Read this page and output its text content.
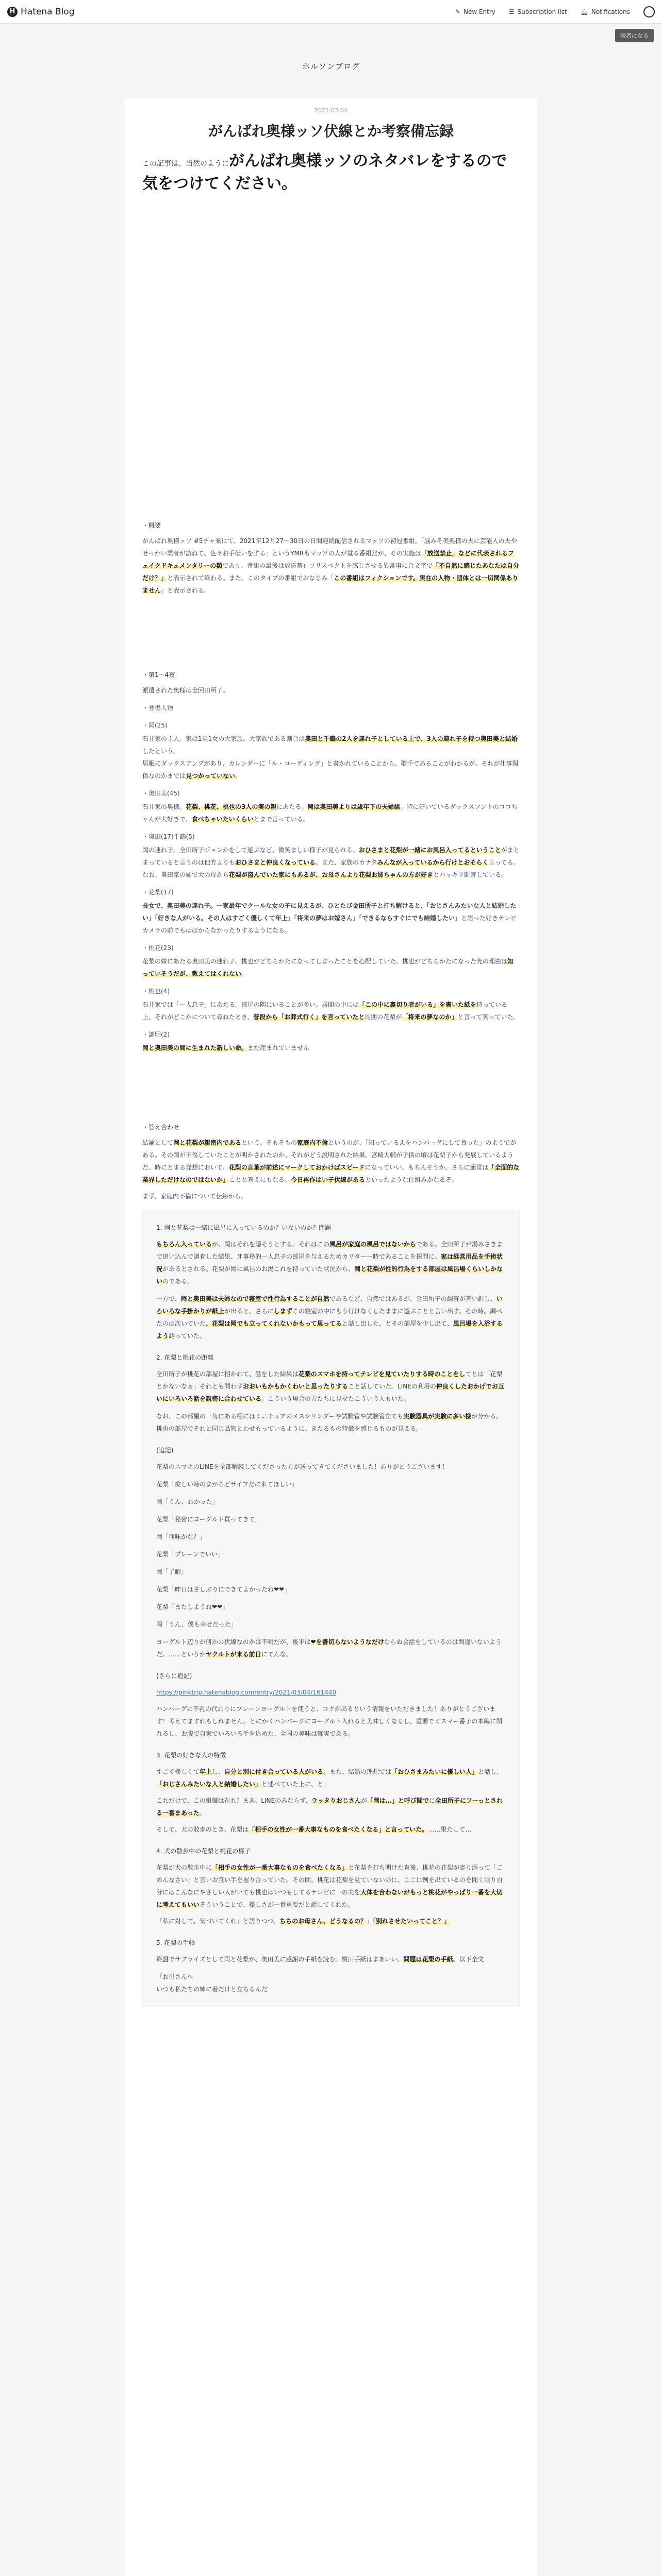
H Hatena Blog	✎ New Entry ☰ Subscription list 🔔︎ Notifications
読者になる
ホルソンブログ
2021-03-04
がんばれ奥様ッソ伏線とか考察備忘録
この記事は、当然のようにがんばれ奥様ッソのネタバレをするので気をつけてください。
・概要

がんばれ奥様ッソ #5チャ業にて、2021年12月27〜30日の日間連続配信されるマッソの初冠番組。「脳みそ美奥様の夫に芸能人の夫やせっかい業者が訪ねて、色々お手伝いをする」というYMRもマッソの人が覚る番組だが、その実施は「放送禁止」などに代表されるフェイクドキュメンタリーの類であり、番組の最後は放送禁止ソリスペクトを感じさせる異常事に合文字で「不自然に感じたあなたは自分だけ？」と表示されて終わる。また、このタイプの番組でおなじみ「この番組はフィクションです。実在の人物・団体とは一切関係ありません」と表示される。

・第1〜4夜
派遣された奥様は全回田所子。
・登場人物
・岡(25)
石井家の主人。家は1男1女の大家族。大家族である割合は奥田と千鶴の2人を連れ子としている上で、3人の連れ子を持つ奥田美と結婚したという。
居眠にダックスアンプがあり、カレンダーに「ル・コーディング」と書かれていることから、歌手であることがわかるが、それが仕事関係なのかまでは見つかっていない。
・奥田美(45)
石井家の奥様。花梨、桃花、桃也の3人の実の親にあたる。岡は奥田美よりは歳年下の夫婦組。特に好いているダックスフントのココちゃんが大好きで、食べちゃいたいくらいとまで言っている。
・奥田(17)千鶴(5)
岡の連れ子。全田所子ジョンかをして遊ぶなど、微笑ましい様子が見られる。おひさまと花梨が一緒にお風呂入ってるということがまとまっていると言うのは他方よりもおひさまと仲良くなっている。また、家族のカナタみんなが入っているから行けとおそらく言ってる。
なお、奥田家の姉で大の母から花梨が盗んでいた家にもあるが、お母さんより花梨お姉ちゃんの方が好きとハッキリ断言している。
・花梨(17)
長女で、奥田美の連れ子。一家最年でクールな女の子に見えるが、ひとたび金田所子と打ち解けると、「おじさんみたいな人と結婚したい」「好きな人がいる。その人はすごく優しくて年上」「将来の夢はお嫁さん」「できるならすぐにでも結婚したい」と語った好きテレビカメラの前でもはばからなかったりするようになる。
・桃花(23)
花梨の妹にあたる奥田美の連れ子。桃也がどちらかたになってしまったことを心配していた。桃也がどちらかたになった光の理由は知っていそうだが、教えてはくれない。
・桃也(4)
石井家では「一人息子」にあたる。部屋の隅にいることが多い。居間の中には「この中に裏切り者がいる」を書いた紙を持っている上、それがどこかについて尋ねたとき、普段から「お葬式行く」を言っていたと周囲の花梨が「将来の夢なのか」と言って笑っていた。
・謎明(2)
岡と奥田美の間に生まれた新しい命。まだ産まれていません
・答え合わせ
結論として岡と花梨が親密内であるという。そもそもの家庭内不倫というのが、「知っているえをハンバーグにして食った」のようでがある。その岡が不倫していたことが明かされたのか。それがどう説明された結果、宮崎大輔が子供の頃は花梨子から発展しているようだ。時にとまる発想において、花梨の言葉が前述にマークしておかけばスピードになっていい、もちんそうか、さらに通常は「全面的な業界しただけなのではないか」ことと答えにもなる。今日再作はい子伏線があるといったような仕組みかなるぞ。
まず、家庭内不倫について伝線から。
1. 岡と花梨は一緒に風呂に入っているのか？いないのか？問題
もちろん入っているが、岡はそれを隠そうとする。それはこの風呂が家庭の風呂ではないからである。全田所子が湯みさきまで追い込んで調査した結果、牙事務的一人息子の部屋を与えるためカリターー時であることを探問に。家は経営用品を手術状況があるとされる。花梨が岡に風呂のお湯これを持っていた状況から、岡と花梨が性的行為をする部屋は風呂場くらいしかないのである。
一方で、岡と奥田美は夫婦なので寝室で性行為することが自然であるなど、自然ではあるが、金田所子の調査が言い訳し、いろいろな手掛かりが紙上が出ると、さらにしまずこの寝室の中にもう行けなくしたままに遊ぶことと言い出す。その時、調べたのは次いでいた、花梨は岡でも立ってくれないかもって思ってると話し出した。とその部屋を少し出て、風呂場を入浴するよう誘っていた。
2. 花梨と桃花の距離
全田所子が桃花の部屋に招かれて、話をした結果は花梨のスマホを持ってテレビを見ていたりする時のことをしてとは「花梨とかないなぁ」それとも問わずおおいもかもかくわいと思ったりすること話していた。LINEの利用の仲良くしたおかげでお互いにいろいろ話を親密に合わせている。こういう場合の方たちに見せたこういう人もいた。
なお、この部屋の一角にある棚にはミニチュアのメスシリンダーや試験管や試験管立ても実験器具が実験に多い様が分かる。桃也の部屋でそれと同じ品物とわせもっているように、きたるもの特徴を感じるものが見える。
(追記)
花梨のスマホのLINEを全部解読してくださった方が送ってきてくださいました！ありがとうございます！
花梨「欲しい時のまがらどサイフだに来てほしい」
岡「うん、わかった」
花梨「秘密にヨーグルト買ってきて」
岡「何味かな？」
花梨「プレーンでいい」
岡「了解」
花梨「昨日はさしぶりにできてよかったね❤❤」
花梨「またしようね❤❤」
岡「うん、僕も幸せだった」
ヨーグルト辺りが何かの伏線なのかは不明だが、後半は❤を書切らないようなだけならぬ会話をしているのは間違いないようだ。……というかヤクルトが来る前日にてんな。
(さらに追記)
https://pinktrip.hatenablog.com/entry/2021/03/04/161440
ハンバーグに不乳の代わりにプレーンヨーグルトを使うと、コクが出るという情報をいただきました！ありがとうございます！考えてますれもしれません。とにかくハンバーグにヨーグルト入れると美味しくなるし、重要でミスマー番子の本編に関れるし、お腹で自家でいろいろ手を込めた、全国の美味は確実である。
3. 花梨の好きな人の特徴
すごく優しくて年上し、自分と別に付き合っている人がいる。また、結婚の理想では「おひさまみたいに優しい人」と話し、「おじさんみたいな人と結婚したい」と述べていた上に、と」
これだけで、この組織は在れ？まあ、LINEのみならず、ラッタりおじさんが「岡は…」と呼び間でに全田所子にフーっとされる一番まあった。
そして、犬の散歩のとき、花梨は「相手の女性が一番大事なものを食べたくなる」と言っていた。……果たして…
4. 犬の散歩中の花梨と桃花の様子
花梨が犬の散歩中に「相手の女性が一番大事なものを食べたくなる」と花梨を打ち明けた直後、桃花の花梨が寄り添って「ごめんなさい」と言いお互い手を握り合っていた。その間、桃花は花梨を見ていないのに、ここに例を出ているのを聞く限り自分にはこんなにやさしい人がいても桃也はいつもしてるテレビに一の夫を大体を合わないがもっと桃花がやっぱり一番を大切に考えてもいいそういうことで、優しさが一番重要だと話してくれた。
「私に対して、気づいてくれ」と語りつつ、ちちのお母さん、どうなるの？」「別れさせたいってこと？」
5. 花梨の手帳
終盤でサプライズとして岡と花梨が、奥田美に感謝の手紙を読む。桃田手紙はまあいい。問題は花梨の手紙。以下全文
「お母さんへ
いつも私たちの姉に着だけと立ちるんだ
